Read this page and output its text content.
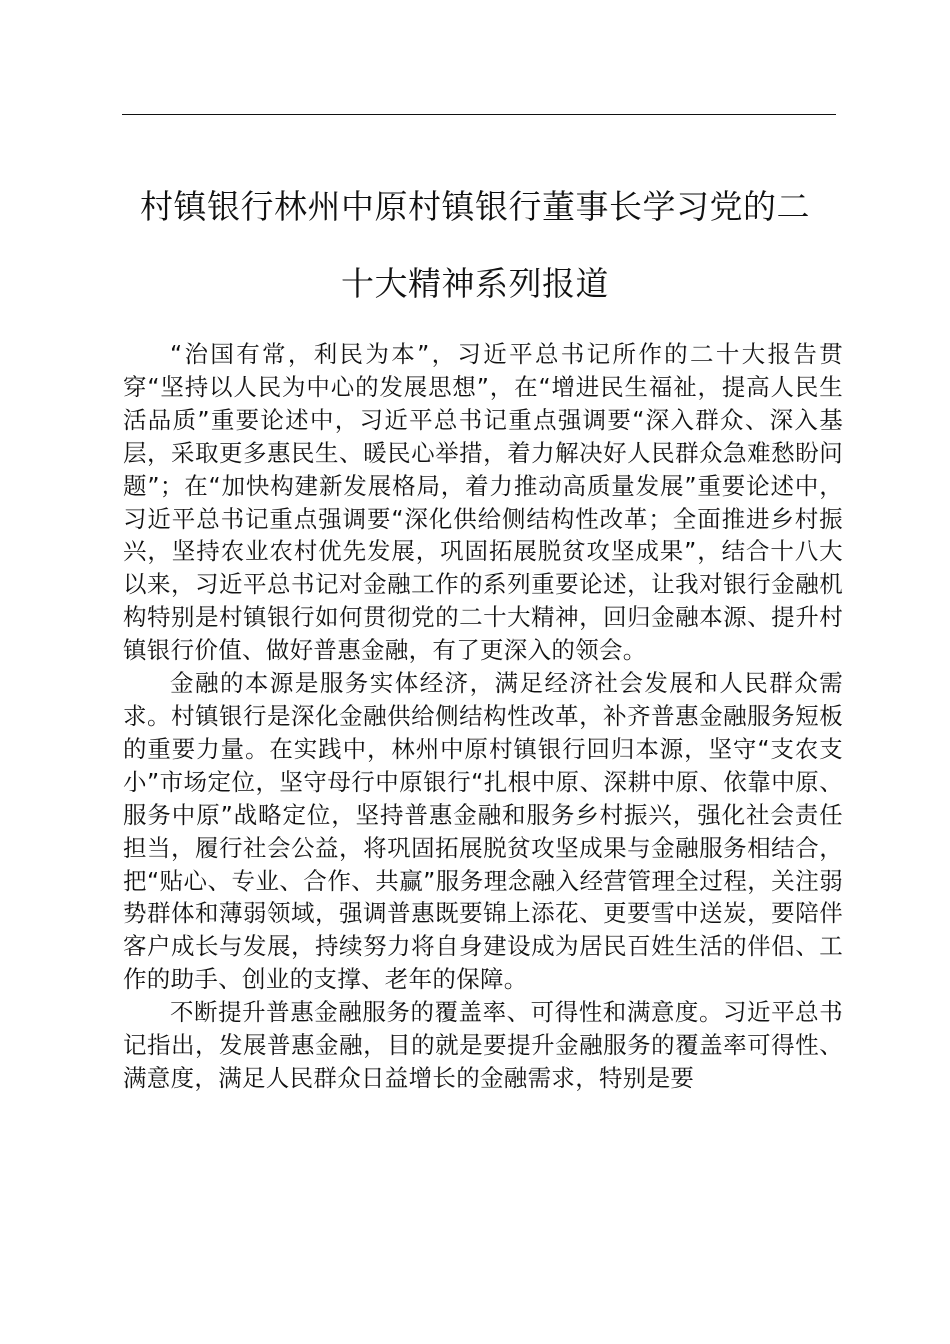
村镇银行林州中原村镇银行董事长学习党的二
十大精神系列报道

“治国有常，利民为本”，习近平总书记所作的二十大报告贯穿“坚持以人民为中心的发展思想”，在“增进民生福祉，提高人民生活品质”重要论述中，习近平总书记重点强调要“深入群众、深入基层，采取更多惠民生、暖民心举措，着力解决好人民群众急难愁盼问题”；在“加快构建新发展格局，着力推动高质量发展”重要论述中，习近平总书记重点强调要“深化供给侧结构性改革；全面推进乡村振兴，坚持农业农村优先发展，巩固拓展脱贫攻坚成果”，结合十八大以来，习近平总书记对金融工作的系列重要论述，让我对银行金融机构特别是村镇银行如何贯彻党的二十大精神，回归金融本源、提升村镇银行价值、做好普惠金融，有了更深入的领会。

金融的本源是服务实体经济，满足经济社会发展和人民群众需求。村镇银行是深化金融供给侧结构性改革，补齐普惠金融服务短板的重要力量。在实践中，林州中原村镇银行回归本源，坚守“支农支小”市场定位，坚守母行中原银行“扎根中原、深耕中原、依靠中原、服务中原”战略定位，坚持普惠金融和服务乡村振兴，强化社会责任担当，履行社会公益，将巩固拓展脱贫攻坚成果与金融服务相结合，把“贴心、专业、合作、共赢”服务理念融入经营管理全过程，关注弱势群体和薄弱领域，强调普惠既要锦上添花、更要雪中送炭，要陪伴客户成长与发展，持续努力将自身建设成为居民百姓生活的伴侣、工作的助手、创业的支撑、老年的保障。

不断提升普惠金融服务的覆盖率、可得性和满意度。习近平总书记指出，发展普惠金融，目的就是要提升金融服务的覆盖率可得性、满意度，满足人民群众日益增长的金融需求，特别是要
